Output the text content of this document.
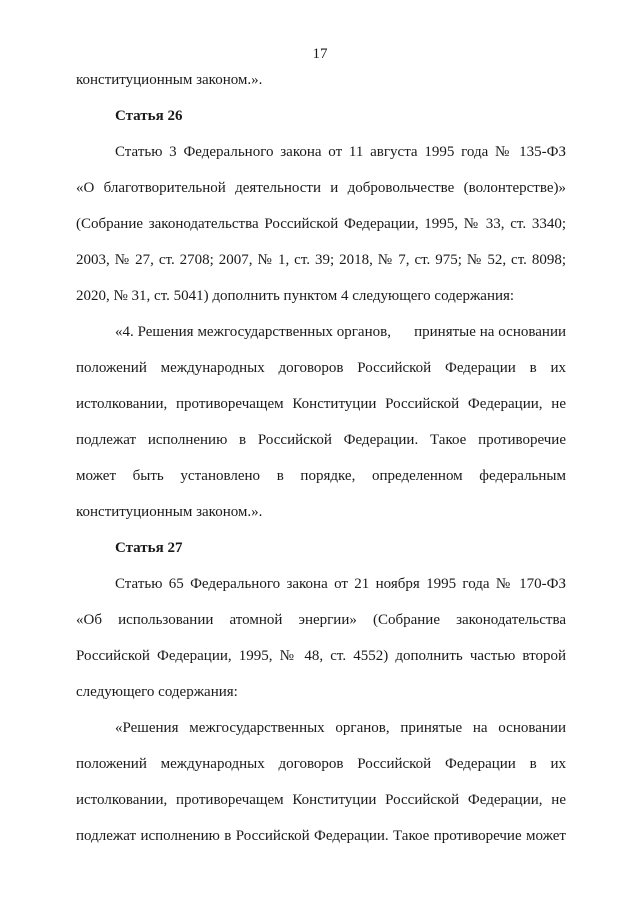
17
конституционным законом.».
Статья 26
Статью 3 Федерального закона от 11 августа 1995 года № 135-ФЗ
«О благотворительной деятельности и добровольчестве (волонтерстве)»
(Собрание законодательства Российской Федерации, 1995, № 33, ст. 3340;
2003, № 27, ст. 2708; 2007, № 1, ст. 39; 2018, № 7, ст. 975; № 52, ст. 8098;
2020, № 31, ст. 5041) дополнить пунктом 4 следующего содержания:
«4. Решения межгосударственных органов,      принятые на основании
положений международных договоров Российской Федерации в их
истолковании, противоречащем Конституции Российской Федерации, не
подлежат исполнению в Российской Федерации. Такое противоречие
может быть установлено в порядке, определенном федеральным
конституционным законом.».
Статья 27
Статью 65 Федерального закона от 21 ноября 1995 года № 170-ФЗ
«Об использовании атомной энергии» (Собрание законодательства
Российской Федерации, 1995, № 48, ст. 4552) дополнить частью второй
следующего содержания:
«Решения межгосударственных органов, принятые на основании
положений международных договоров Российской Федерации в их
истолковании, противоречащем Конституции Российской Федерации, не
подлежат исполнению в Российской Федерации. Такое противоречие может
